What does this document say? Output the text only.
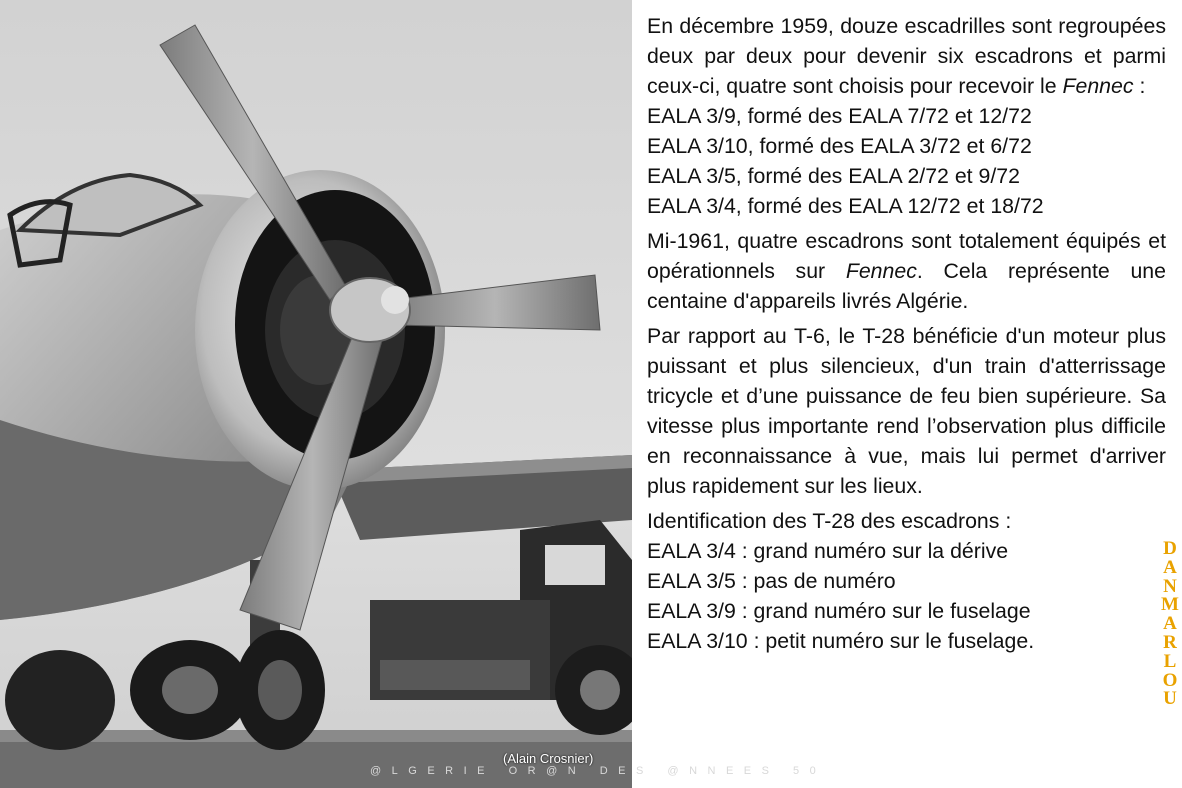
En décembre 1959, douze escadrilles sont regroupées deux par deux pour devenir six escadrons et parmi ceux-ci, quatre sont choisis pour recevoir le Fennec :

EALA 3/9, formé des EALA 7/72 et 12/72

EALA 3/10, formé des EALA 3/72 et 6/72

EALA 3/5, formé des EALA 2/72 et 9/72

EALA 3/4, formé des EALA 12/72 et 18/72

Mi-1961, quatre escadrons sont totalement équipés et opérationnels sur Fennec. Cela représente une centaine d'appareils livrés Algérie.

Par rapport au T-6, le T-28 bénéficie d'un moteur plus puissant et plus silencieux, d'un train d'atterrissage tricycle et d’une puissance de feu bien supérieure. Sa vitesse plus importante rend l’observation plus difficile en reconnaissance à vue, mais lui permet d'arriver plus rapidement sur les lieux.

Identification des T-28 des escadrons :

EALA 3/4 : grand numéro sur la dérive

EALA 3/5 : pas de numéro

EALA 3/9 : grand numéro sur le fuselage

EALA 3/10 : petit numéro sur le fuselage.

(Alain Crosnier)
@LGERIE OR@N DES @NNEES 50
D
A
N
M
A
R
L
O
U
